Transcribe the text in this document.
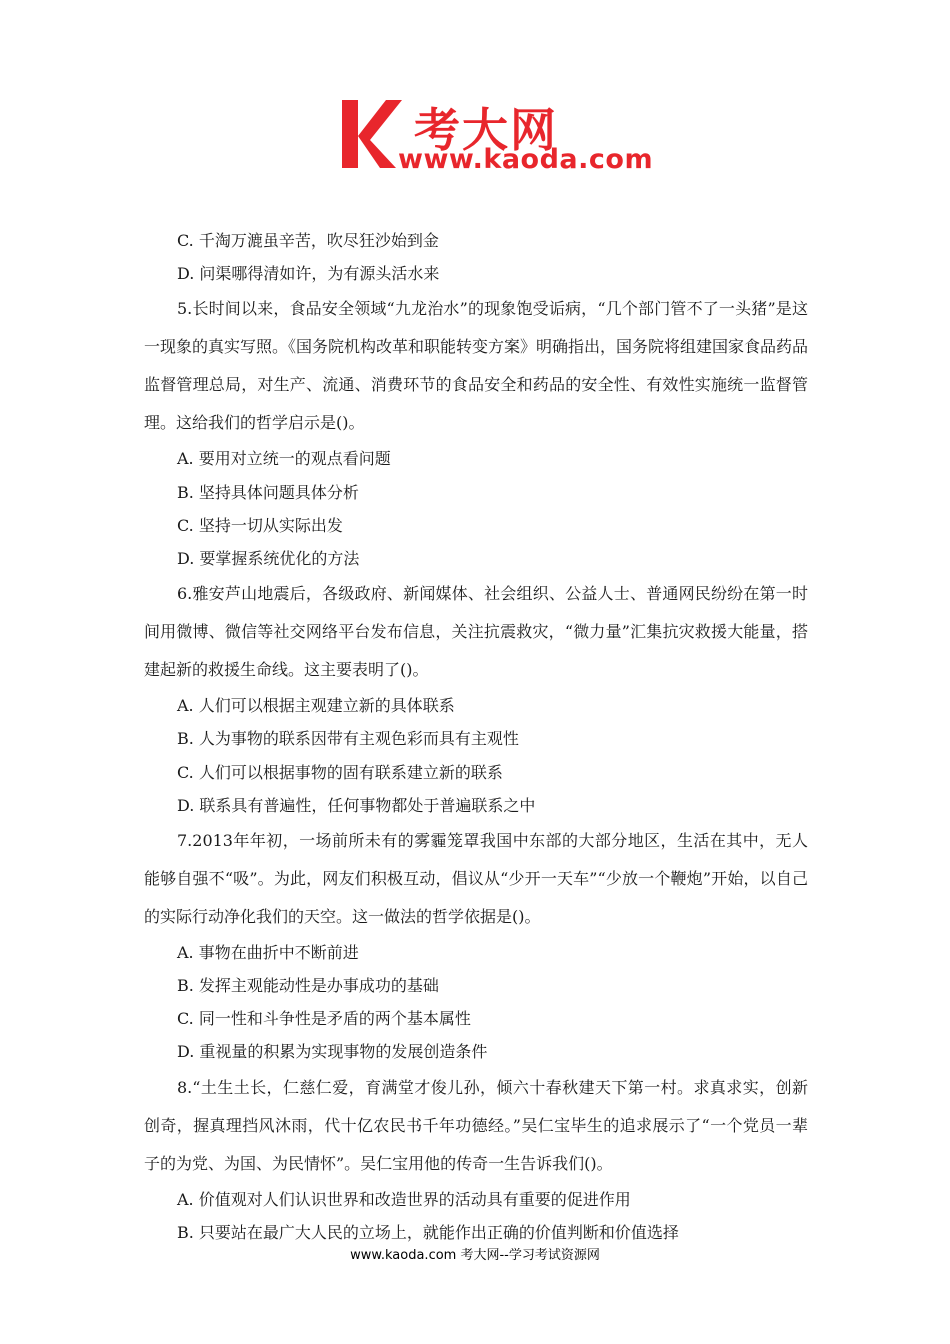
考大网
www.kaoda.com
C. 千淘万漉虽辛苦，吹尽狂沙始到金
D. 问渠哪得清如许，为有源头活水来

5.长时间以来，食品安全领域“九龙治水”的现象饱受诟病，“几个部门管不了一头猪”是这一现象的真实写照。《国务院机构改革和职能转变方案》明确指出，国务院将组建国家食品药品监督管理总局，对生产、流通、消费环节的食品安全和药品的安全性、有效性实施统一监督管理。这给我们的哲学启示是()。

A. 要用对立统一的观点看问题
B. 坚持具体问题具体分析
C. 坚持一切从实际出发
D. 要掌握系统优化的方法

6.雅安芦山地震后，各级政府、新闻媒体、社会组织、公益人士、普通网民纷纷在第一时间用微博、微信等社交网络平台发布信息，关注抗震救灾，“微力量”汇集抗灾救援大能量，搭建起新的救援生命线。这主要表明了()。

A. 人们可以根据主观建立新的具体联系
B. 人为事物的联系因带有主观色彩而具有主观性
C. 人们可以根据事物的固有联系建立新的联系
D. 联系具有普遍性，任何事物都处于普遍联系之中

7.2013年年初，一场前所未有的雾霾笼罩我国中东部的大部分地区，生活在其中，无人能够自强不“吸”。为此，网友们积极互动，倡议从“少开一天车”“少放一个鞭炮”开始，以自己的实际行动净化我们的天空。这一做法的哲学依据是()。

A. 事物在曲折中不断前进
B. 发挥主观能动性是办事成功的基础
C. 同一性和斗争性是矛盾的两个基本属性
D. 重视量的积累为实现事物的发展创造条件

8.“土生土长，仁慈仁爱，育满堂才俊儿孙，倾六十春秋建天下第一村。求真求实，创新创奇，握真理挡风沐雨，代十亿农民书千年功德经。”吴仁宝毕生的追求展示了“一个党员一辈子的为党、为国、为民情怀”。吴仁宝用他的传奇一生告诉我们()。

A. 价值观对人们认识世界和改造世界的活动具有重要的促进作用
B. 只要站在最广大人民的立场上，就能作出正确的价值判断和价值选择
www.kaoda.com 考大网--学习考试资源网
